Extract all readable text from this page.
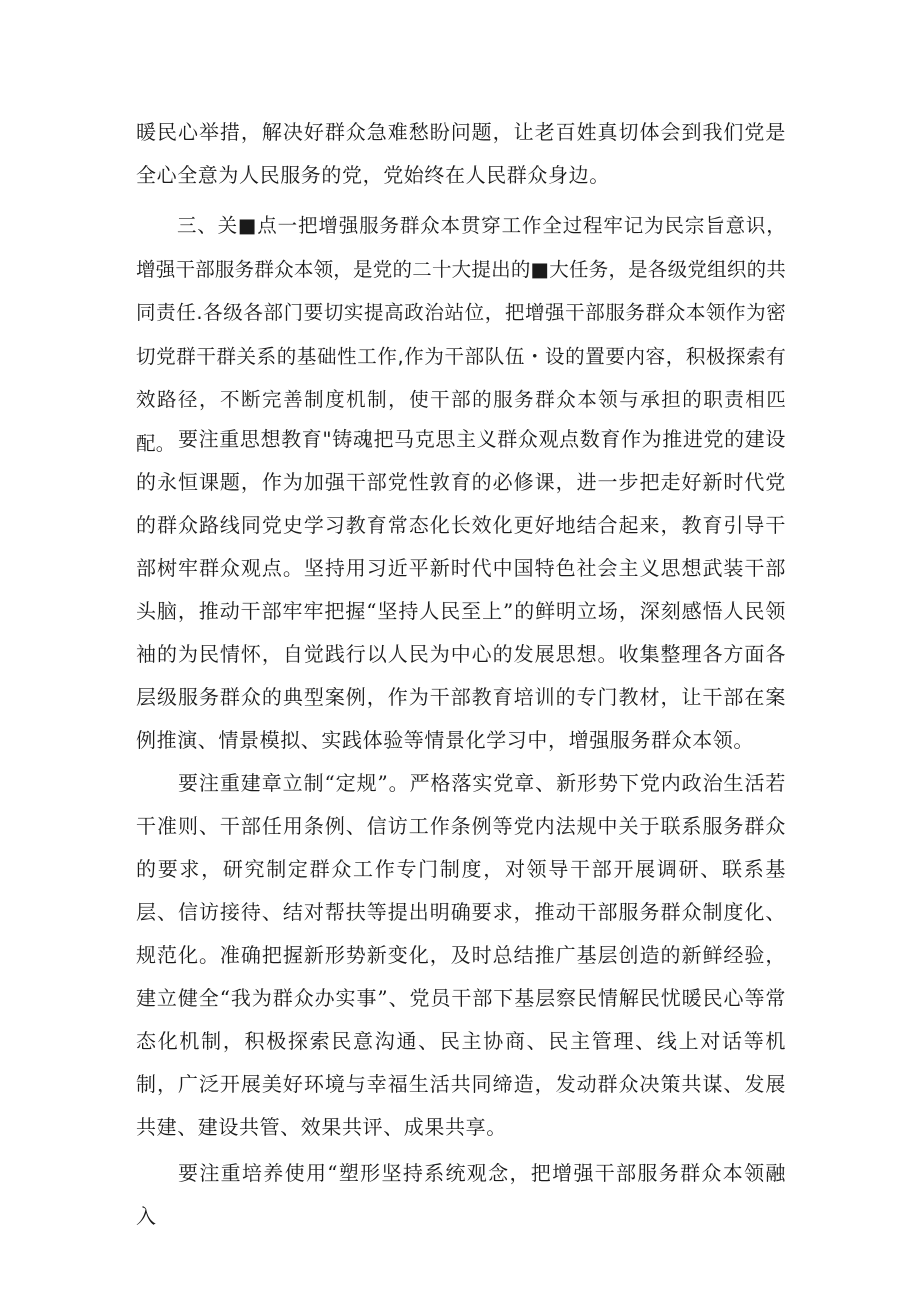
暖民心举措，解决好群众急难愁盼问题，让老百姓真切体会到我们党是全心全意为人民服务的党，党始终在人民群众身边。

三、关■点一把增强服务群众本贯穿工作全过程牢记为民宗旨意识，增强干部服务群众本领，是党的二十大提出的■大任务，是各级党组织的共同责任.各级各部门要切实提高政治站位，把增强干部服务群众本领作为密切党群干群关系的基础性工作,作为干部队伍・设的置要内容，积极探索有效路径，不断完善制度机制，使干部的服务群众本领与承担的职责相匹配。 要注重思想教育"铸魂把马克思主义群众观点数育作为推进党的建设的永恒课题，作为加强干部党性敦育的必修课，进一步把走好新时代党的群众路线同党史学习教育常态化长效化更好地结合起来，教育引导干部树牢群众观点。坚持用习近平新时代中国特色社会主义思想武装干部头脑，推动干部牢牢把握“坚持人民至上”的鲜明立场，深刻感悟人民领袖的为民情怀，自觉践行以人民为中心的发展思想。收集整理各方面各层级服务群众的典型案例，作为干部教育培训的专门教材，让干部在案例推演、情景模拟、实践体验等情景化学习中，增强服务群众本领。

要注重建章立制“定规”。严格落实党章、新形势下党内政治生活若干准则、干部任用条例、信访工作条例等党内法规中关于联系服务群众的要求，研究制定群众工作专门制度，对领导干部开展调研、联系基层、信访接待、结对帮扶等提出明确要求，推动干部服务群众制度化、规范化。准确把握新形势新变化，及时总结推广基层创造的新鲜经验，建立健全“我为群众办实事”、党员干部下基层察民情解民忧暖民心等常态化机制，积极探索民意沟通、民主协商、民主管理、线上对话等机制，广泛开展美好环境与幸福生活共同缔造，发动群众决策共谋、发展共建、建设共管、效果共评、成果共享。

要注重培养使用“塑形坚持系统观念，把增强干部服务群众本领融入
